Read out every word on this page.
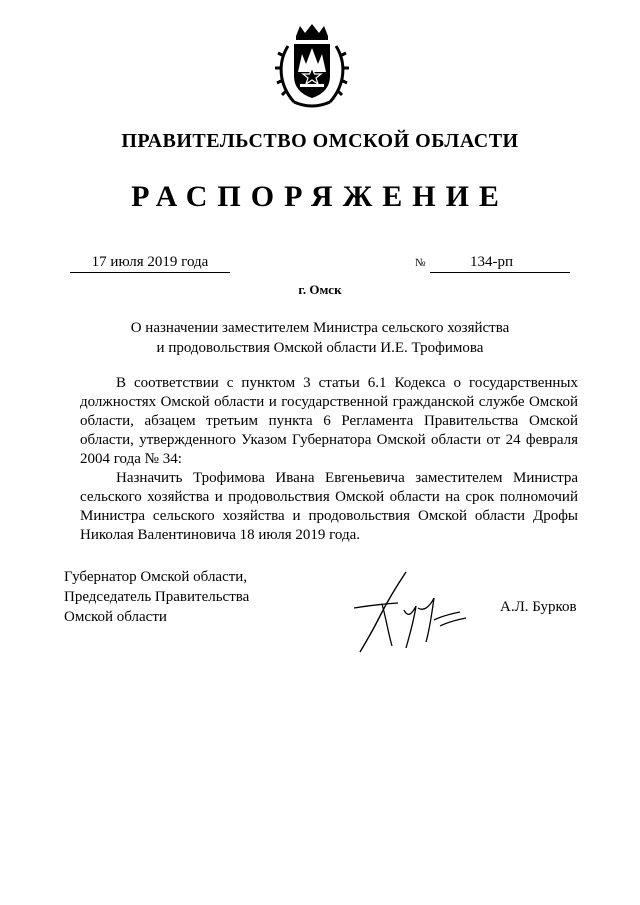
ПРАВИТЕЛЬСТВО ОМСКОЙ ОБЛАСТИ
РАСПОРЯЖЕНИЕ
17 июля 2019 года	№	134-рп
г. Омск
О назначении заместителем Министра сельского хозяйства
и продовольствия Омской области И.Е. Трофимова

В соответствии с пунктом 3 статьи 6.1 Кодекса о государственных должностях Омской области и государственной гражданской службе Омской области, абзацем третьим пункта 6 Регламента Правительства Омской области, утвержденного Указом Губернатора Омской области от 24 февраля 2004 года № 34:

Назначить Трофимова Ивана Евгеньевича заместителем Министра сельского хозяйства и продовольствия Омской области на срок полномочий Министра сельского хозяйства и продовольствия Омской области Дрофы Николая Валентиновича 18 июля 2019 года.

Губернатор Омской области,
Председатель Правительства
Омской области
А.Л. Бурков
